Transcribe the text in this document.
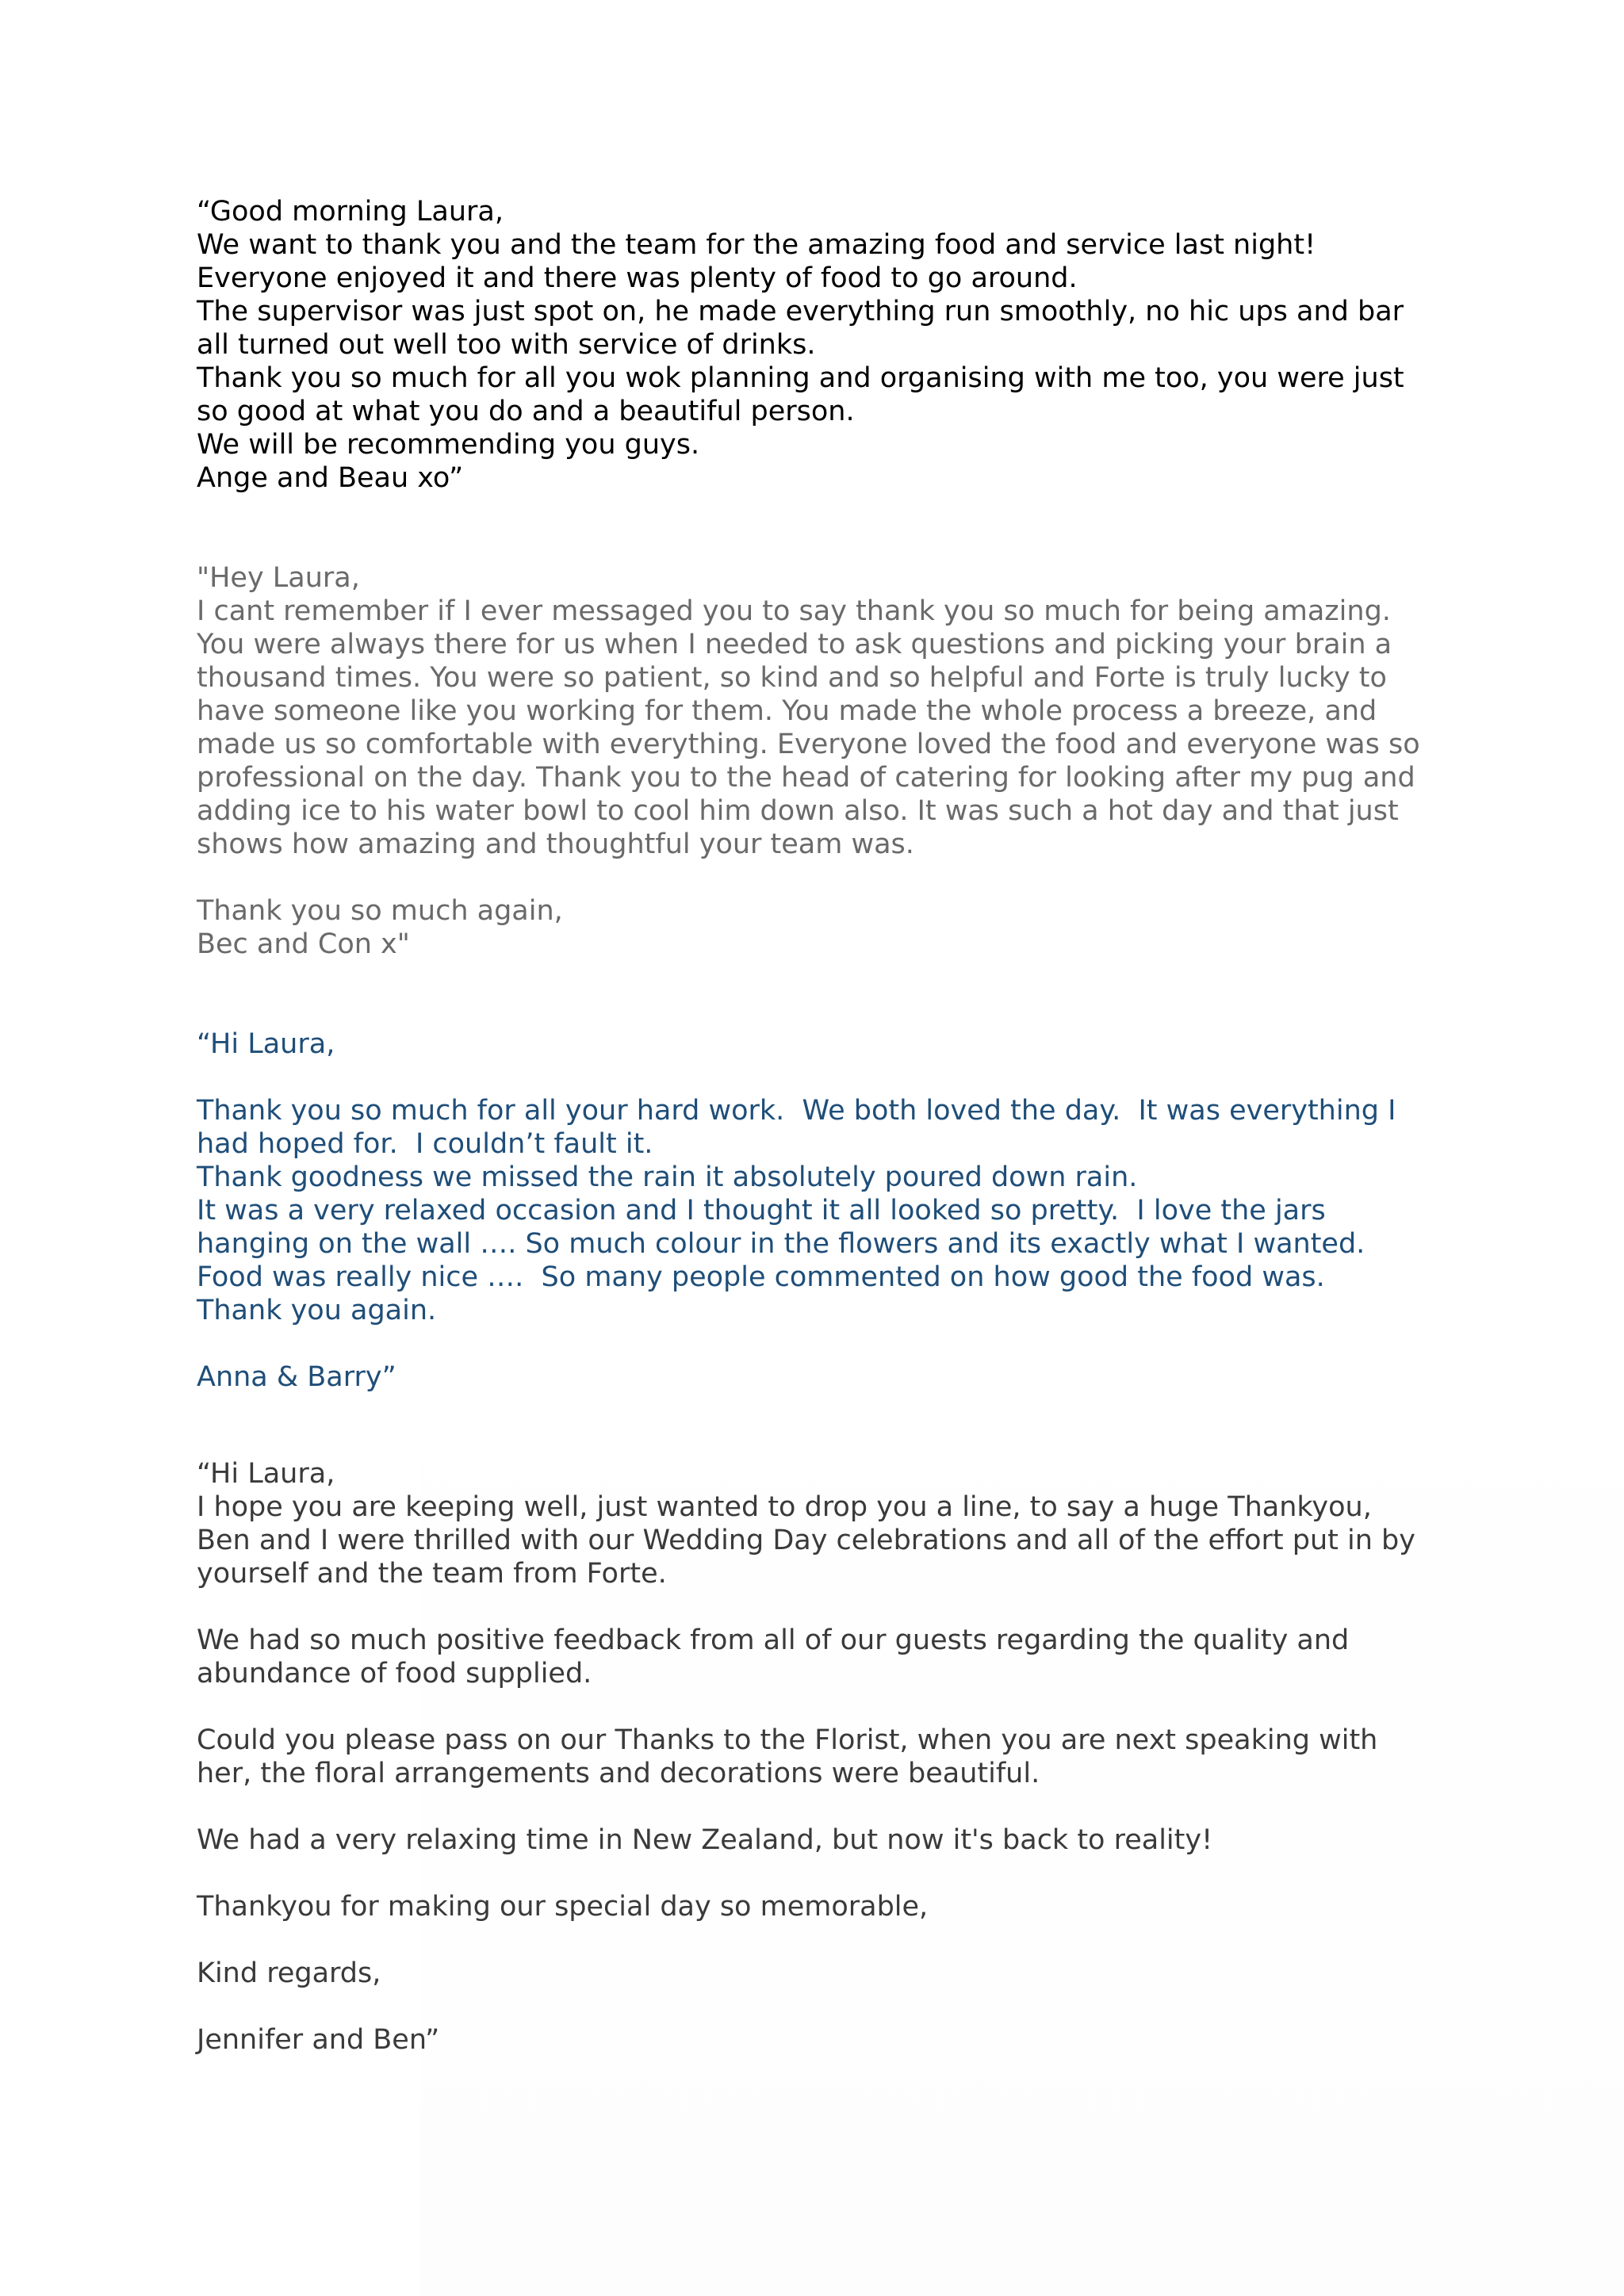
“Good morning Laura,
We want to thank you and the team for the amazing food and service last night!
Everyone enjoyed it and there was plenty of food to go around.
The supervisor was just spot on, he made everything run smoothly, no hic ups and bar
all turned out well too with service of drinks.
Thank you so much for all you wok planning and organising with me too, you were just
so good at what you do and a beautiful person.
We will be recommending you guys.
Ange and Beau xo”
"Hey Laura,
I cant remember if I ever messaged you to say thank you so much for being amazing.
You were always there for us when I needed to ask questions and picking your brain a
thousand times. You were so patient, so kind and so helpful and Forte is truly lucky to
have someone like you working for them. You made the whole process a breeze, and
made us so comfortable with everything. Everyone loved the food and everyone was so
professional on the day. Thank you to the head of catering for looking after my pug and
adding ice to his water bowl to cool him down also. It was such a hot day and that just
shows how amazing and thoughtful your team was.
Thank you so much again,
Bec and Con x"
“Hi Laura,
Thank you so much for all your hard work.  We both loved the day.  It was everything I
had hoped for.  I couldn’t fault it.
Thank goodness we missed the rain it absolutely poured down rain.
It was a very relaxed occasion and I thought it all looked so pretty.  I love the jars
hanging on the wall …. So much colour in the flowers and its exactly what I wanted.
Food was really nice ….  So many people commented on how good the food was.
Thank you again.
Anna & Barry”
“Hi Laura,
I hope you are keeping well, just wanted to drop you a line, to say a huge Thankyou,
Ben and I were thrilled with our Wedding Day celebrations and all of the effort put in by
yourself and the team from Forte.
We had so much positive feedback from all of our guests regarding the quality and
abundance of food supplied.
Could you please pass on our Thanks to the Florist, when you are next speaking with
her, the floral arrangements and decorations were beautiful.
We had a very relaxing time in New Zealand, but now it's back to reality!
Thankyou for making our special day so memorable,
Kind regards,
Jennifer and Ben”
